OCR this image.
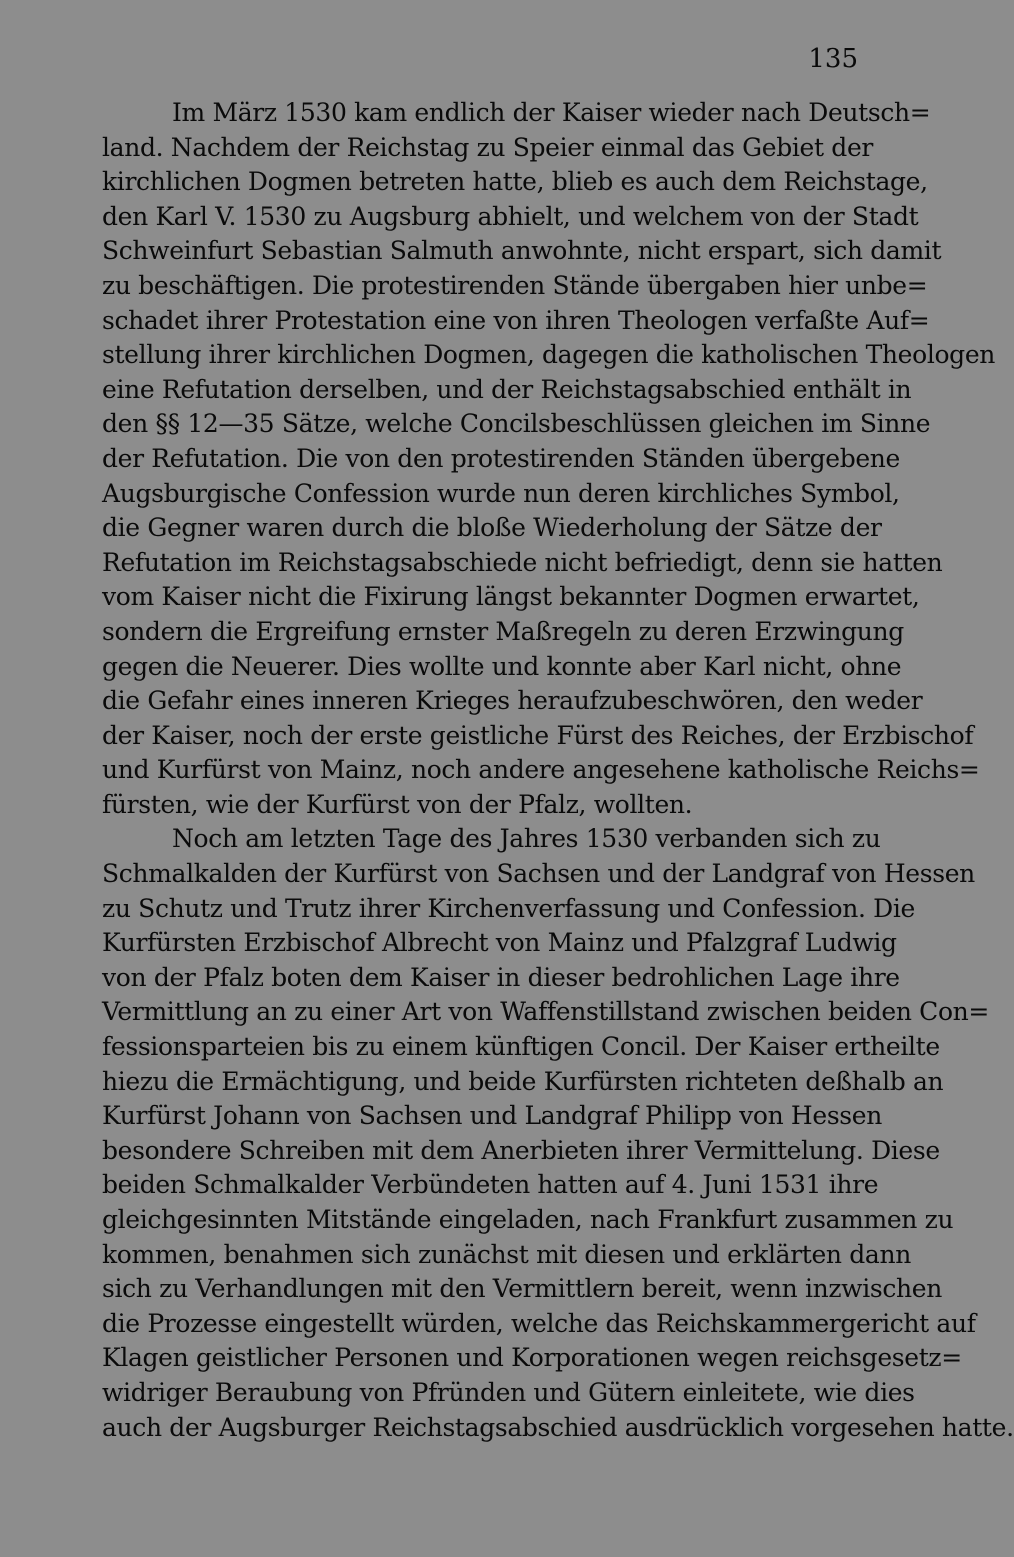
135
Im März 1530 kam endlich der Kaiser wieder nach Deutsch=
land. Nachdem der Reichstag zu Speier einmal das Gebiet der
kirchlichen Dogmen betreten hatte, blieb es auch dem Reichstage,
den Karl V. 1530 zu Augsburg abhielt, und welchem von der Stadt
Schweinfurt Sebastian Salmuth anwohnte, nicht erspart, sich damit
zu beschäftigen. Die protestirenden Stände übergaben hier unbe=
schadet ihrer Protestation eine von ihren Theologen verfaßte Auf=
stellung ihrer kirchlichen Dogmen, dagegen die katholischen Theologen
eine Refutation derselben, und der Reichstagsabschied enthält in
den §§ 12—35 Sätze, welche Concilsbeschlüssen gleichen im Sinne
der Refutation. Die von den protestirenden Ständen übergebene
Augsburgische Confession wurde nun deren kirchliches Symbol,
die Gegner waren durch die bloße Wiederholung der Sätze der
Refutation im Reichstagsabschiede nicht befriedigt, denn sie hatten
vom Kaiser nicht die Fixirung längst bekannter Dogmen erwartet,
sondern die Ergreifung ernster Maßregeln zu deren Erzwingung
gegen die Neuerer. Dies wollte und konnte aber Karl nicht, ohne
die Gefahr eines inneren Krieges heraufzubeschwören, den weder
der Kaiser, noch der erste geistliche Fürst des Reiches, der Erzbischof
und Kurfürst von Mainz, noch andere angesehene katholische Reichs=
fürsten, wie der Kurfürst von der Pfalz, wollten.
Noch am letzten Tage des Jahres 1530 verbanden sich zu
Schmalkalden der Kurfürst von Sachsen und der Landgraf von Hessen
zu Schutz und Trutz ihrer Kirchenverfassung und Confession. Die
Kurfürsten Erzbischof Albrecht von Mainz und Pfalzgraf Ludwig
von der Pfalz boten dem Kaiser in dieser bedrohlichen Lage ihre
Vermittlung an zu einer Art von Waffenstillstand zwischen beiden Con=
fessionsparteien bis zu einem künftigen Concil. Der Kaiser ertheilte
hiezu die Ermächtigung, und beide Kurfürsten richteten deßhalb an
Kurfürst Johann von Sachsen und Landgraf Philipp von Hessen
besondere Schreiben mit dem Anerbieten ihrer Vermittelung. Diese
beiden Schmalkalder Verbündeten hatten auf 4. Juni 1531 ihre
gleichgesinnten Mitstände eingeladen, nach Frankfurt zusammen zu
kommen, benahmen sich zunächst mit diesen und erklärten dann
sich zu Verhandlungen mit den Vermittlern bereit, wenn inzwischen
die Prozesse eingestellt würden, welche das Reichskammergericht auf
Klagen geistlicher Personen und Korporationen wegen reichsgesetz=
widriger Beraubung von Pfründen und Gütern einleitete, wie dies
auch der Augsburger Reichstagsabschied ausdrücklich vorgesehen hatte.
